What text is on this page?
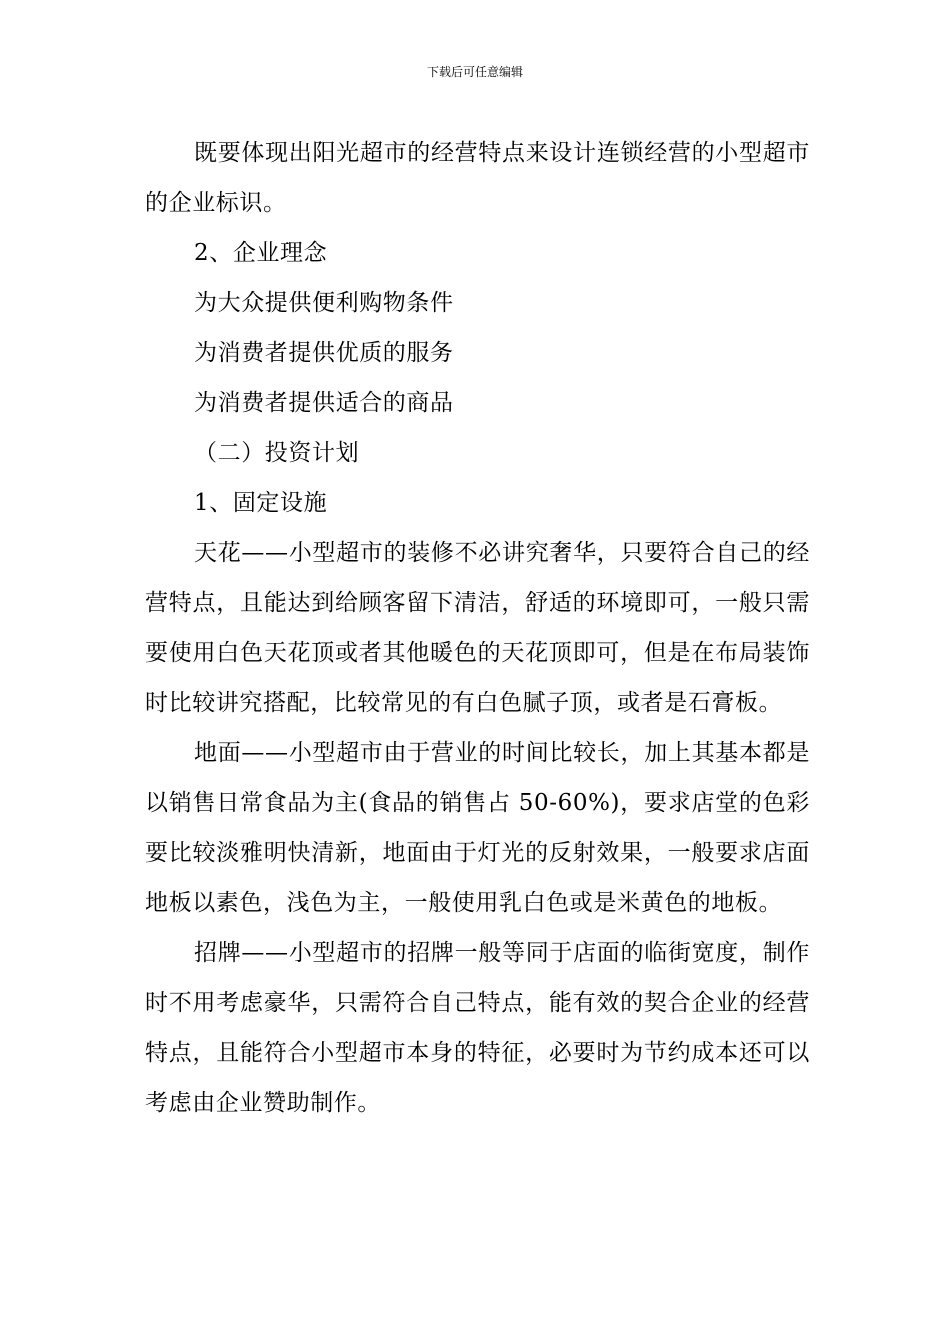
下载后可任意编辑

既要体现出阳光超市的经营特点来设计连锁经营的小型超市的企业标识。

2、企业理念

为大众提供便利购物条件

为消费者提供优质的服务

为消费者提供适合的商品

（二）投资计划

1、固定设施

天花——小型超市的装修不必讲究奢华，只要符合自己的经营特点，且能达到给顾客留下清洁，舒适的环境即可，一般只需要使用白色天花顶或者其他暖色的天花顶即可，但是在布局装饰时比较讲究搭配，比较常见的有白色腻子顶，或者是石膏板。

地面——小型超市由于营业的时间比较长，加上其基本都是以销售日常食品为主(食品的销售占 50-60%)，要求店堂的色彩要比较淡雅明快清新，地面由于灯光的反射效果，一般要求店面地板以素色，浅色为主，一般使用乳白色或是米黄色的地板。

招牌——小型超市的招牌一般等同于店面的临街宽度，制作时不用考虑豪华，只需符合自己特点，能有效的契合企业的经营特点，且能符合小型超市本身的特征，必要时为节约成本还可以考虑由企业赞助制作。
